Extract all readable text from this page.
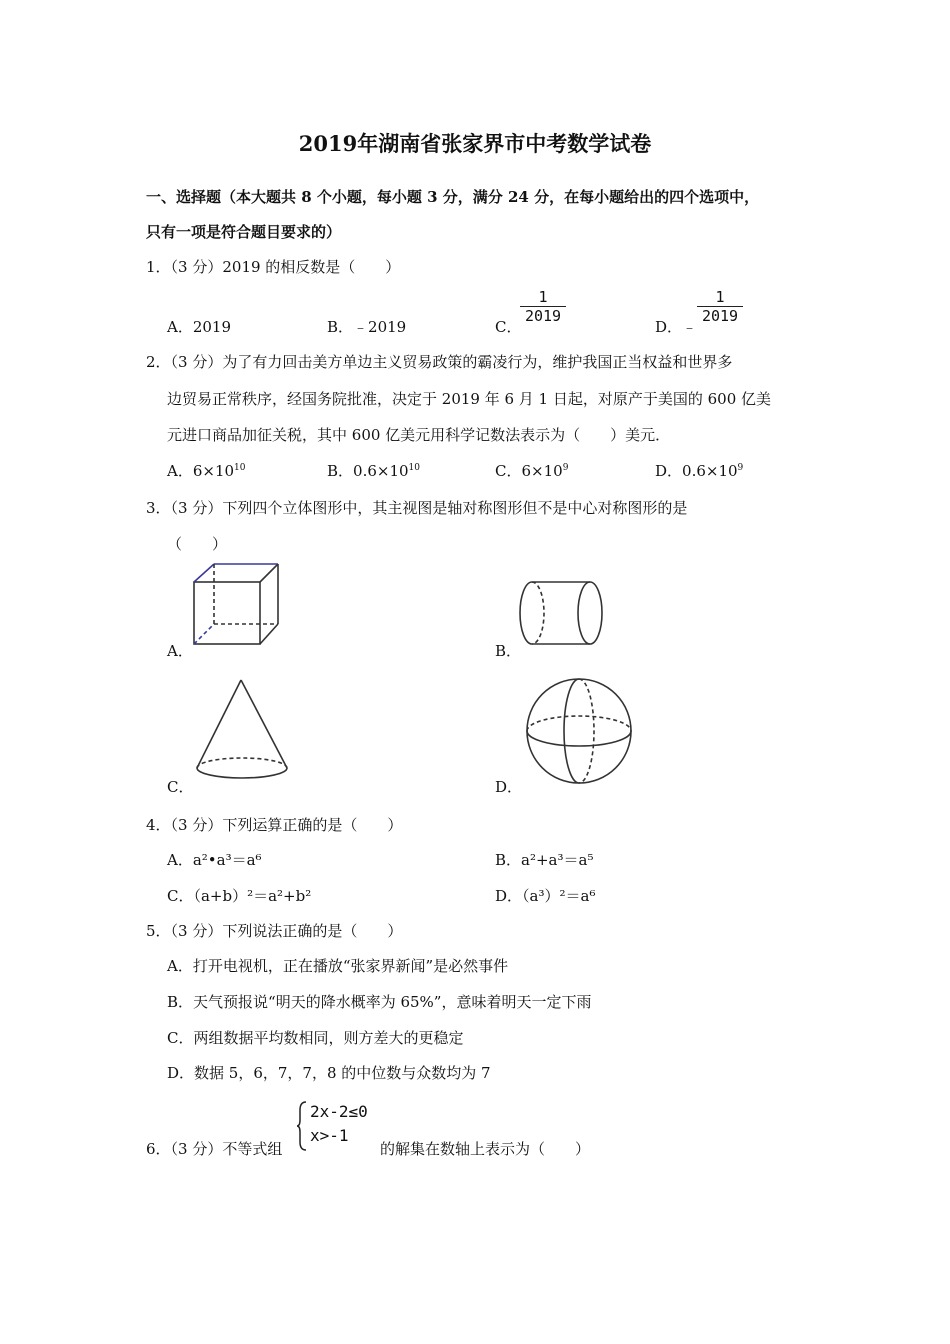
2019年湖南省张家界市中考数学试卷
一、选择题（本大题共 8 个小题，每小题 3 分，满分 24 分，在每小题给出的四个选项中，
只有一项是符合题目要求的）
1．（3 分）2019 的相反数是（　　）
A．2019	B．﹣2019	C．
1
2019
D．﹣
1
2019
2．（3 分）为了有力回击美方单边主义贸易政策的霸凌行为，维护我国正当权益和世界多
边贸易正常秩序，经国务院批准，决定于 2019 年 6 月 1 日起，对原产于美国的 600 亿美
元进口商品加征关税，其中 600 亿美元用科学记数法表示为（　　）美元．
A．$6\times 10^{10}$	B．$0.6\times 10^{10}$	C．$6\times 10^9$	D．$0.6\times 10^9$
3．（3 分）下列四个立体图形中，其主视图是轴对称图形但不是中心对称图形的是
（　　）
A．	B．
C．	D．
4．（3 分）下列运算正确的是（　　）
A．a²•a³＝a⁶	B．a²+a³＝a⁵
C．（a+b）²＝a²+b²	D．（a³）²＝a⁶
5．（3 分）下列说法正确的是（　　）
A．打开电视机，正在播放“张家界新闻”是必然事件
B．天气预报说“明天的降水概率为 65%”，意味着明天一定下雨
C．两组数据平均数相同，则方差大的更稳定
D．数据 5，6，7，7，8 的中位数与众数均为 7
6．（3 分）不等式组
2x-2≤0
x>-1
的解集在数轴上表示为（　　）
